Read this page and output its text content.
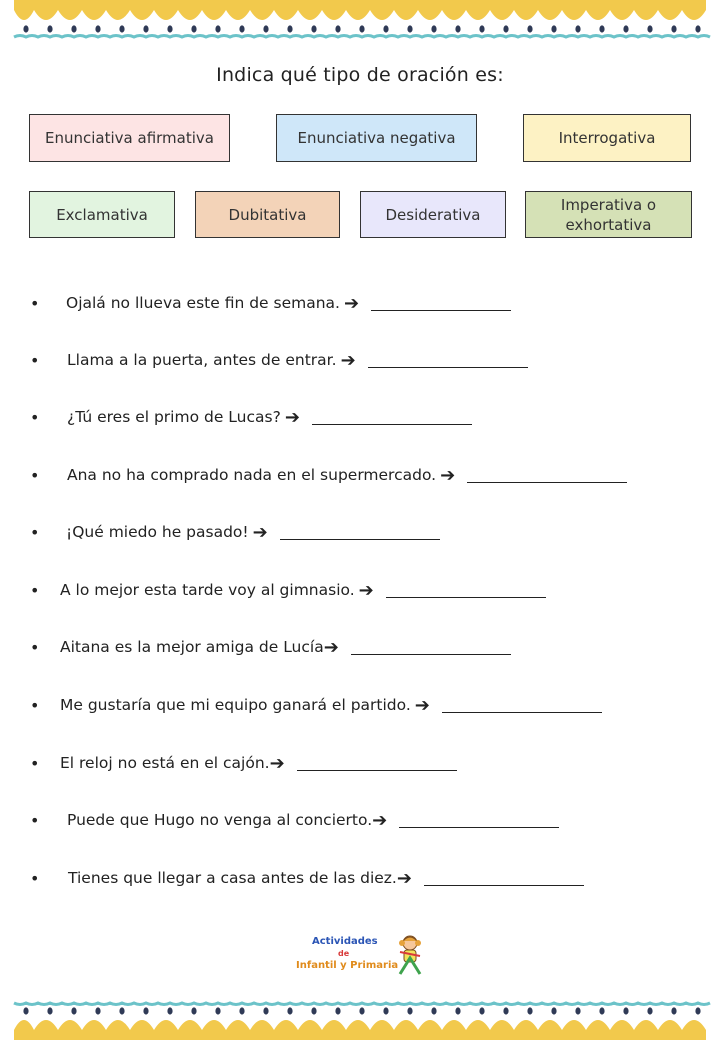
Indica qué tipo de oración es:
Enunciativa afirmativa	Enunciativa negativa	Interrogativa
Exclamativa	Dubitativa	Desiderativa
Imperativa o exhortativa
•	Ojalá no llueva este fin de semana. ➔
•	Llama a la puerta, antes de entrar. ➔
•	¿Tú eres el primo de Lucas? ➔
•	Ana no ha comprado nada en el supermercado. ➔
•	¡Qué miedo he pasado! ➔
•	A lo mejor esta tarde voy al gimnasio. ➔
•	Aitana es la mejor amiga de Lucía ➔
•	Me gustaría que mi equipo ganará el partido. ➔
•	El reloj no está en el cajón. ➔
•	Puede que Hugo no venga al concierto. ➔
•	Tienes que llegar a casa antes de las diez. ➔
Actividades
de
Infantil y Primaria
